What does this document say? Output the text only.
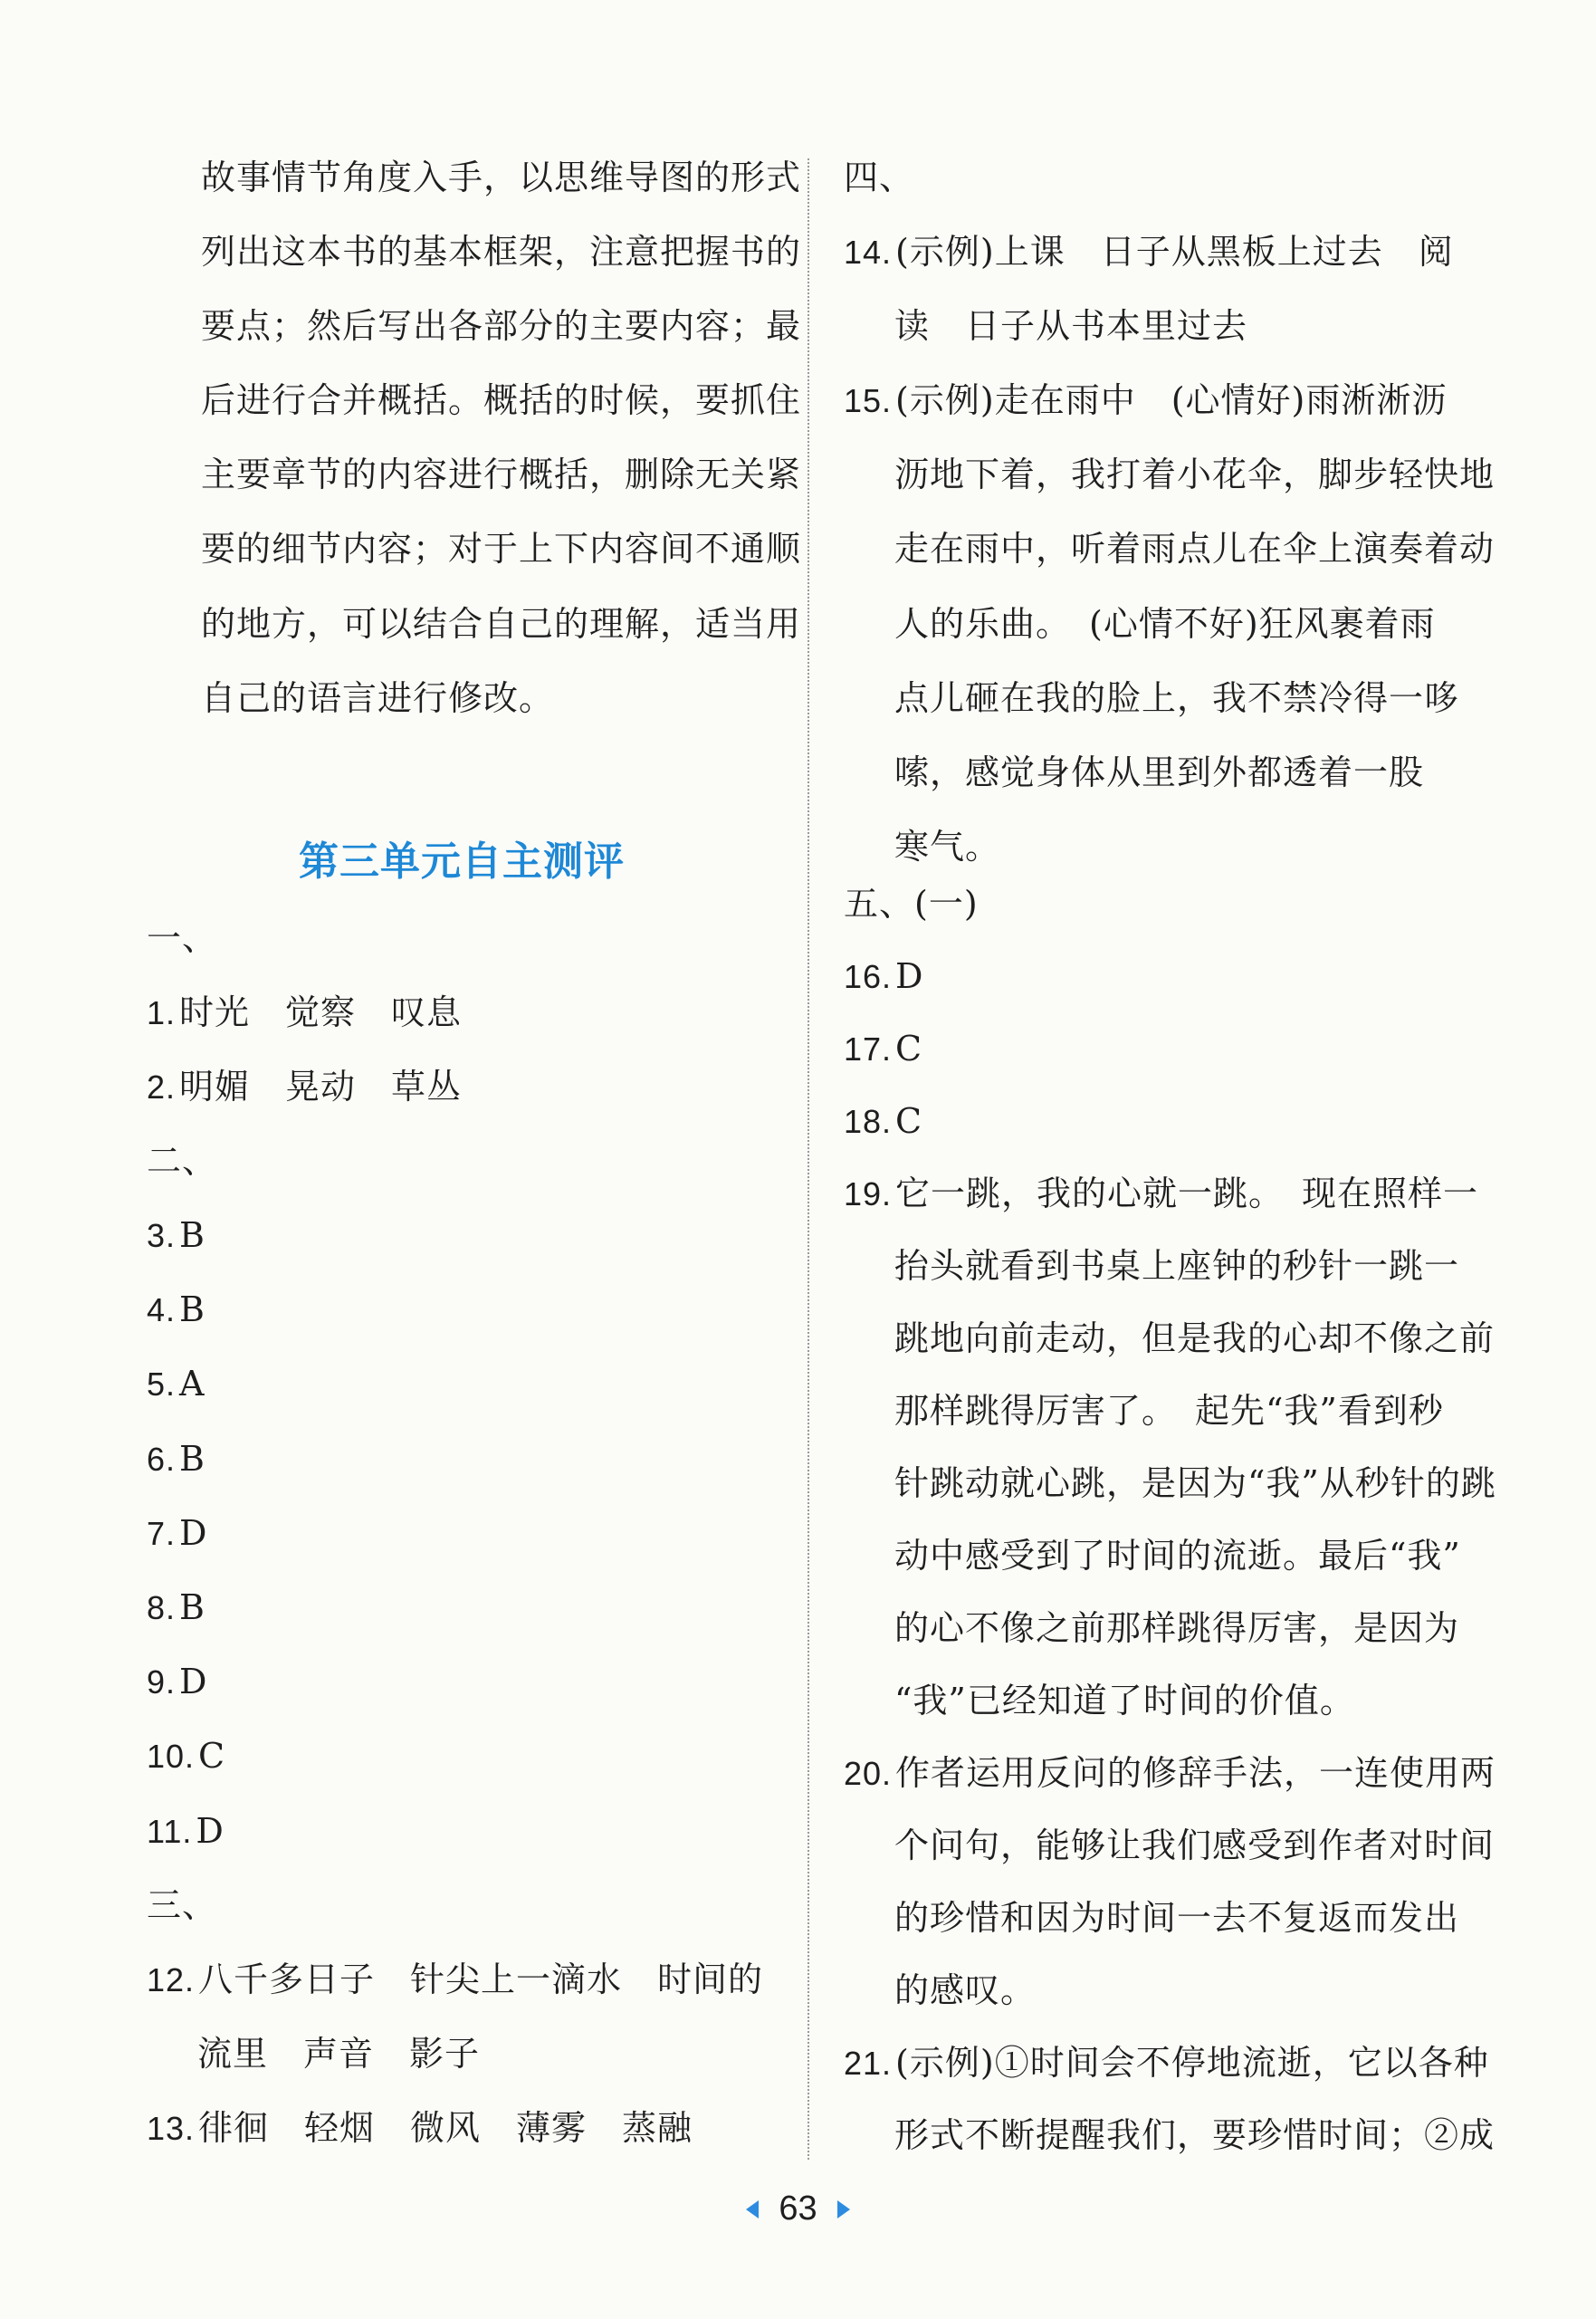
故事情节角度入手，以思维导图的形式
列出这本书的基本框架，注意把握书的
要点；然后写出各部分的主要内容；最
后进行合并概括。概括的时候，要抓住
主要章节的内容进行概括，删除无关紧
要的细节内容；对于上下内容间不通顺
的地方，可以结合自己的理解，适当用
自己的语言进行修改。
第三单元自主测评
一、
1. 时光　觉察　叹息
2. 明媚　晃动　草丛
二、
3. B
4. B
5. A
6. B
7. D
8. B
9. D
10. C
11. D
三、
12. 八千多日子　针尖上一滴水　时间的
流里　声音　影子
13. 徘徊　轻烟　微风　薄雾　蒸融
四、
14. (示例)上课　日子从黑板上过去　阅
读　日子从书本里过去
15. (示例)走在雨中　(心情好)雨淅淅沥
沥地下着，我打着小花伞，脚步轻快地
走在雨中，听着雨点儿在伞上演奏着动
人的乐曲。　(心情不好)狂风裹着雨
点儿砸在我的脸上，我不禁冷得一哆
嗦，感觉身体从里到外都透着一股
寒气。
五、(一)
16. D
17. C
18. C
19. 它一跳，我的心就一跳。　现在照样一
抬头就看到书桌上座钟的秒针一跳一
跳地向前走动，但是我的心却不像之前
那样跳得厉害了。　起先“我”看到秒
针跳动就心跳，是因为“我”从秒针的跳
动中感受到了时间的流逝。最后“我”
的心不像之前那样跳得厉害，是因为
“我”已经知道了时间的价值。
20. 作者运用反问的修辞手法，一连使用两
个问句，能够让我们感受到作者对时间
的珍惜和因为时间一去不复返而发出
的感叹。
21. (示例)①时间会不停地流逝，它以各种
形式不断提醒我们，要珍惜时间；②成
63
